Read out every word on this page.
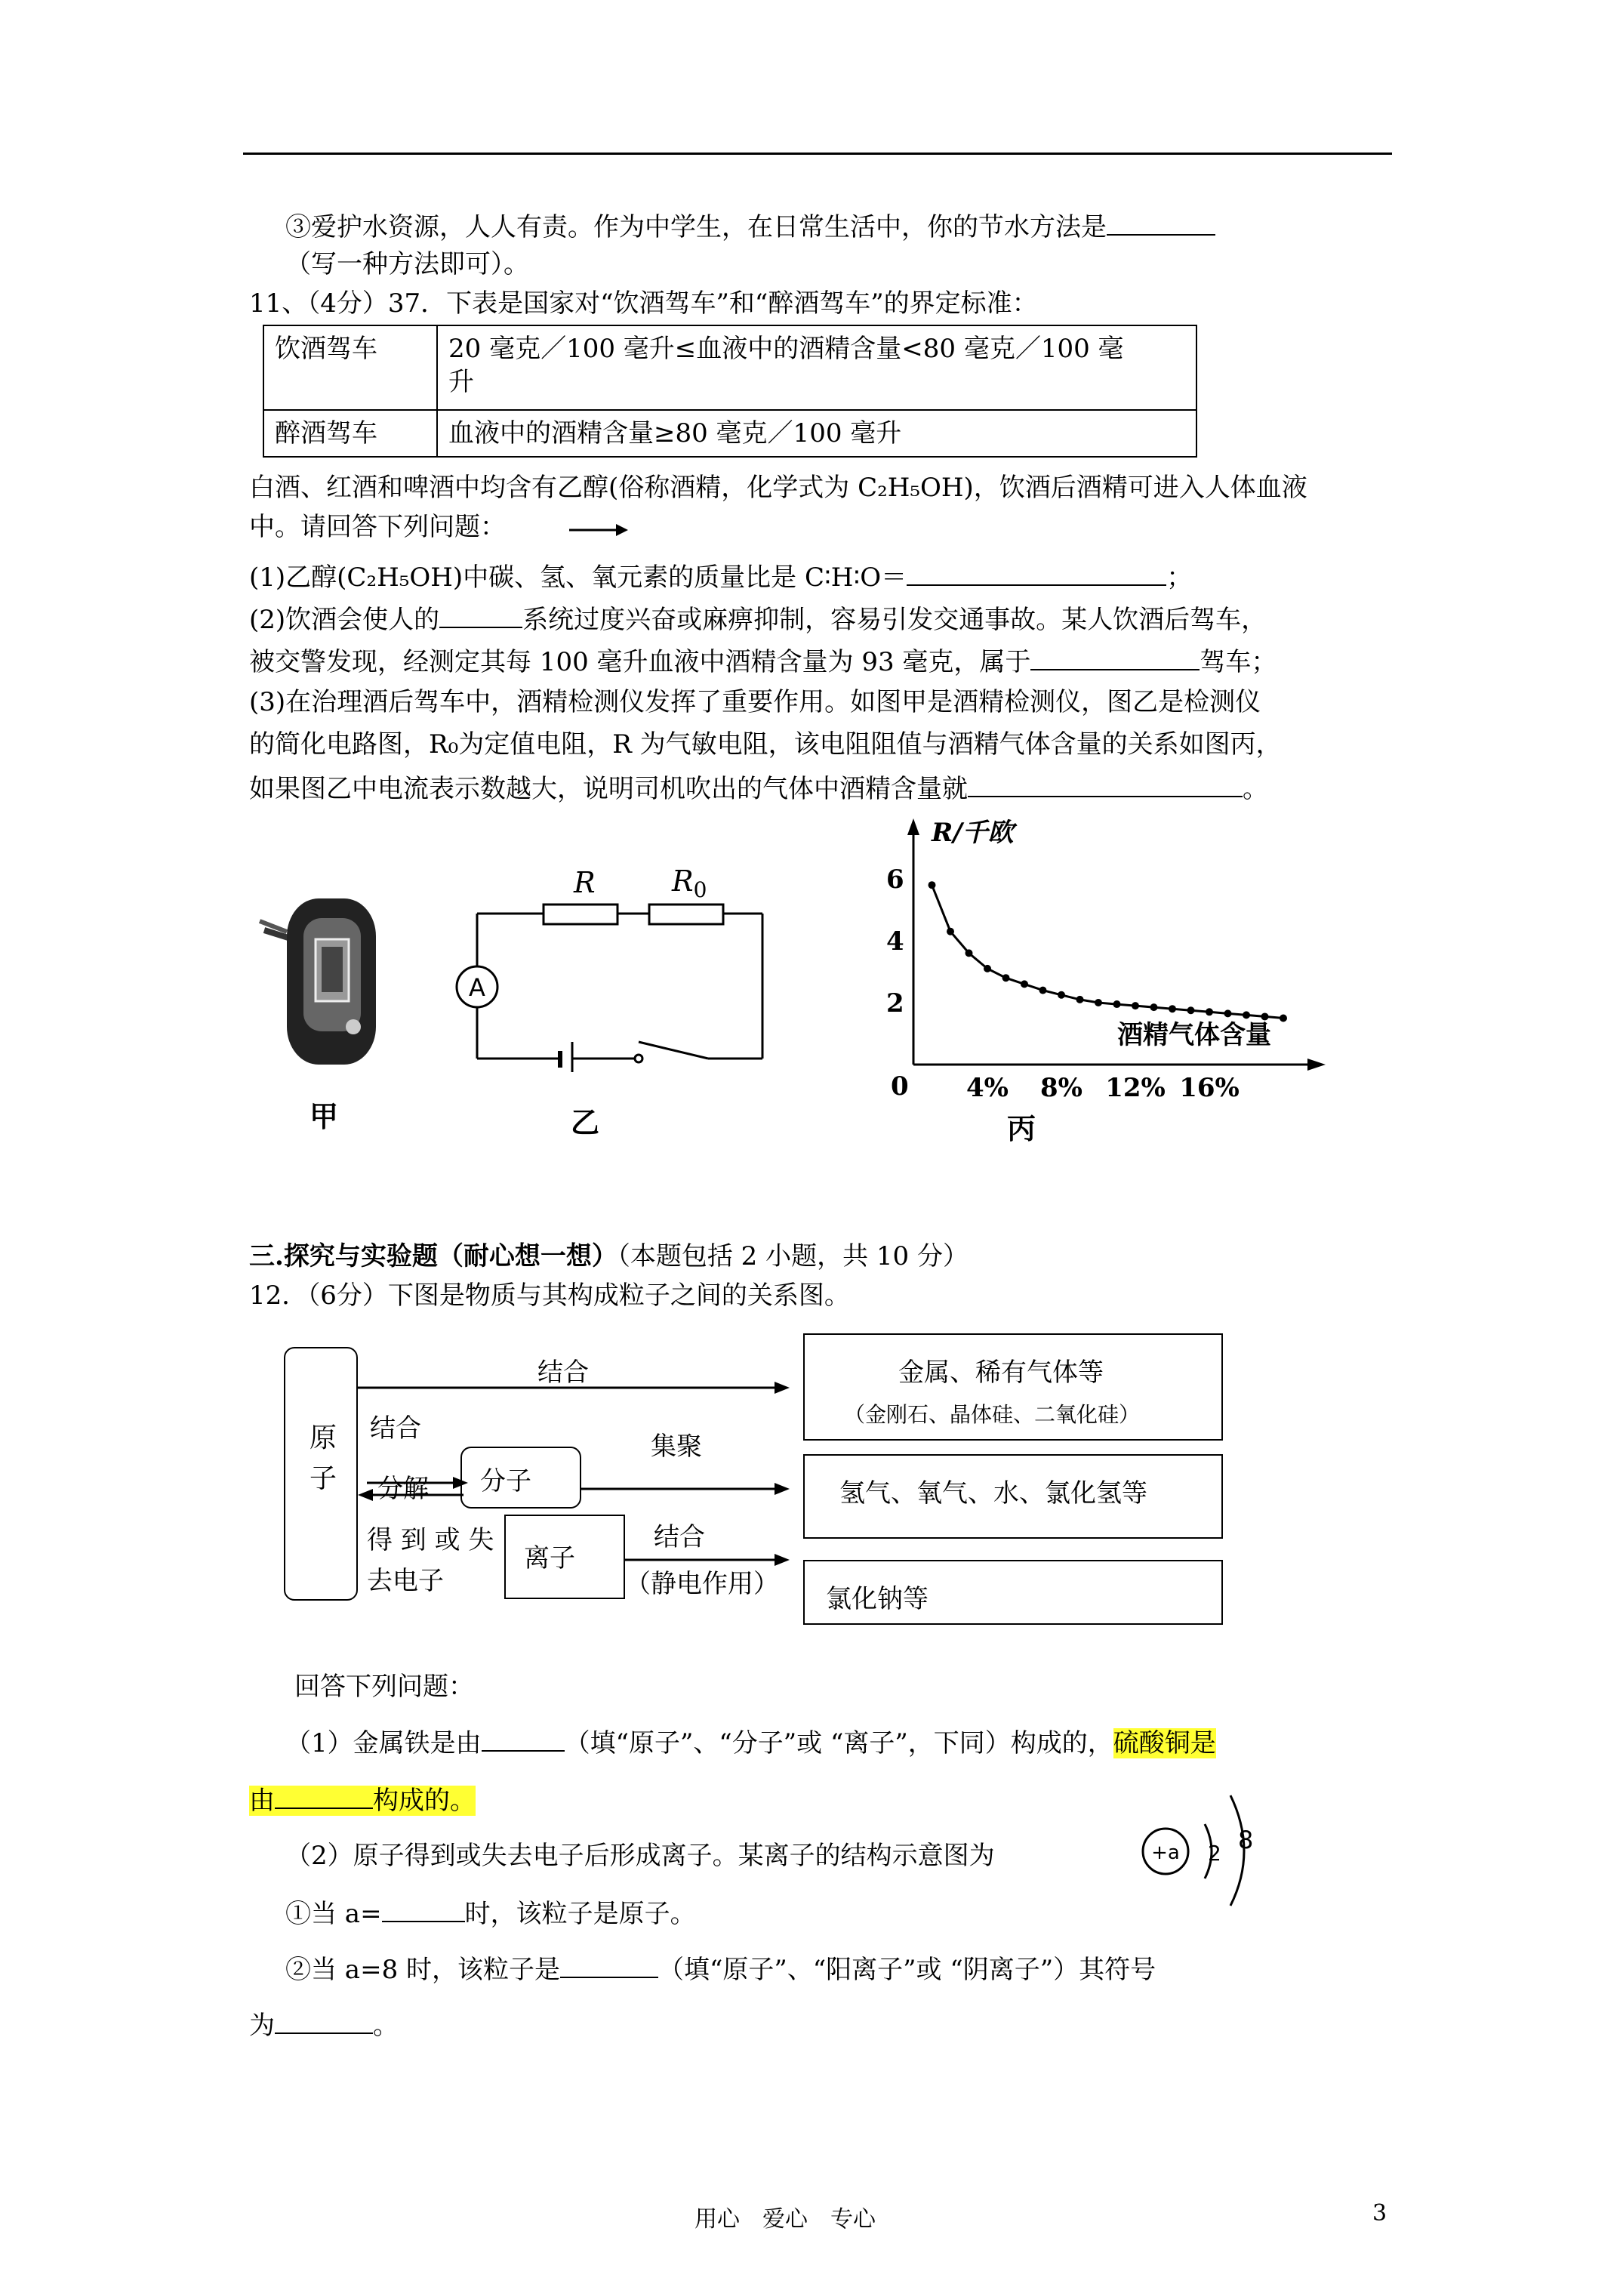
③爱护水资源，人人有责。作为中学生，在日常生活中，你的节水方法是
（写一种方法即可）。
11、（4分）37．下表是国家对“饮酒驾车”和“醉酒驾车”的界定标准：
饮酒驾车	20 毫克／100 毫升≤血液中的酒精含量<80 毫克／100 毫
升

醉酒驾车	血液中的酒精含量≥80 毫克／100 毫升
白酒、红酒和啤酒中均含有乙醇(俗称酒精，化学式为 C₂H₅OH)，饮酒后酒精可进入人体血液
中。请回答下列问题：
(1)乙醇(C₂H₅OH)中碳、氢、氧元素的质量比是 C∶H∶O＝	；
(2)饮酒会使人的	系统过度兴奋或麻痹抑制，容易引发交通事故。某人饮酒后驾车，
被交警发现，经测定其每 100 毫升血液中酒精含量为 93 毫克，属于	驾车；
(3)在治理酒后驾车中，酒精检测仪发挥了重要作用。如图甲是酒精检测仪，图乙是检测仪
的简化电路图，R₀为定值电阻，R 为气敏电阻，该电阻阻值与酒精气体含量的关系如图丙，
如果图乙中电流表示数越大，说明司机吹出的气体中酒精含量就	。
甲
A
R	$R_0$
乙
R/千欧
酒精气体含量
0
6
4
2
4% 8% 12% 16%
丙
三.探究与实验题（耐心想一想）（本题包括 2 小题，共 10 分）
12．（6分）下图是物质与其构成粒子之间的关系图。
原
子
结合
结合
分解 分子
集聚
得 到 或 失
去电子
离子
结合
（静电作用）
金属、稀有气体等
（金刚石、晶体硅、二氧化硅）
氢气、氧气、水、氯化氢等
氯化钠等
回答下列问题：
（1）金属铁是由	（填“原子”、“分子”或 “离子”，下同）构成的，硫酸铜是
由	构成的。
（2）原子得到或失去电子后形成离子。某离子的结构示意图为	+a 2 8
①当 a=	时，该粒子是原子。
②当 a=8 时，该粒子是	（填“原子”、“阳离子”或 “阴离子”）其符号
为	。
用心　爱心　专心	3
